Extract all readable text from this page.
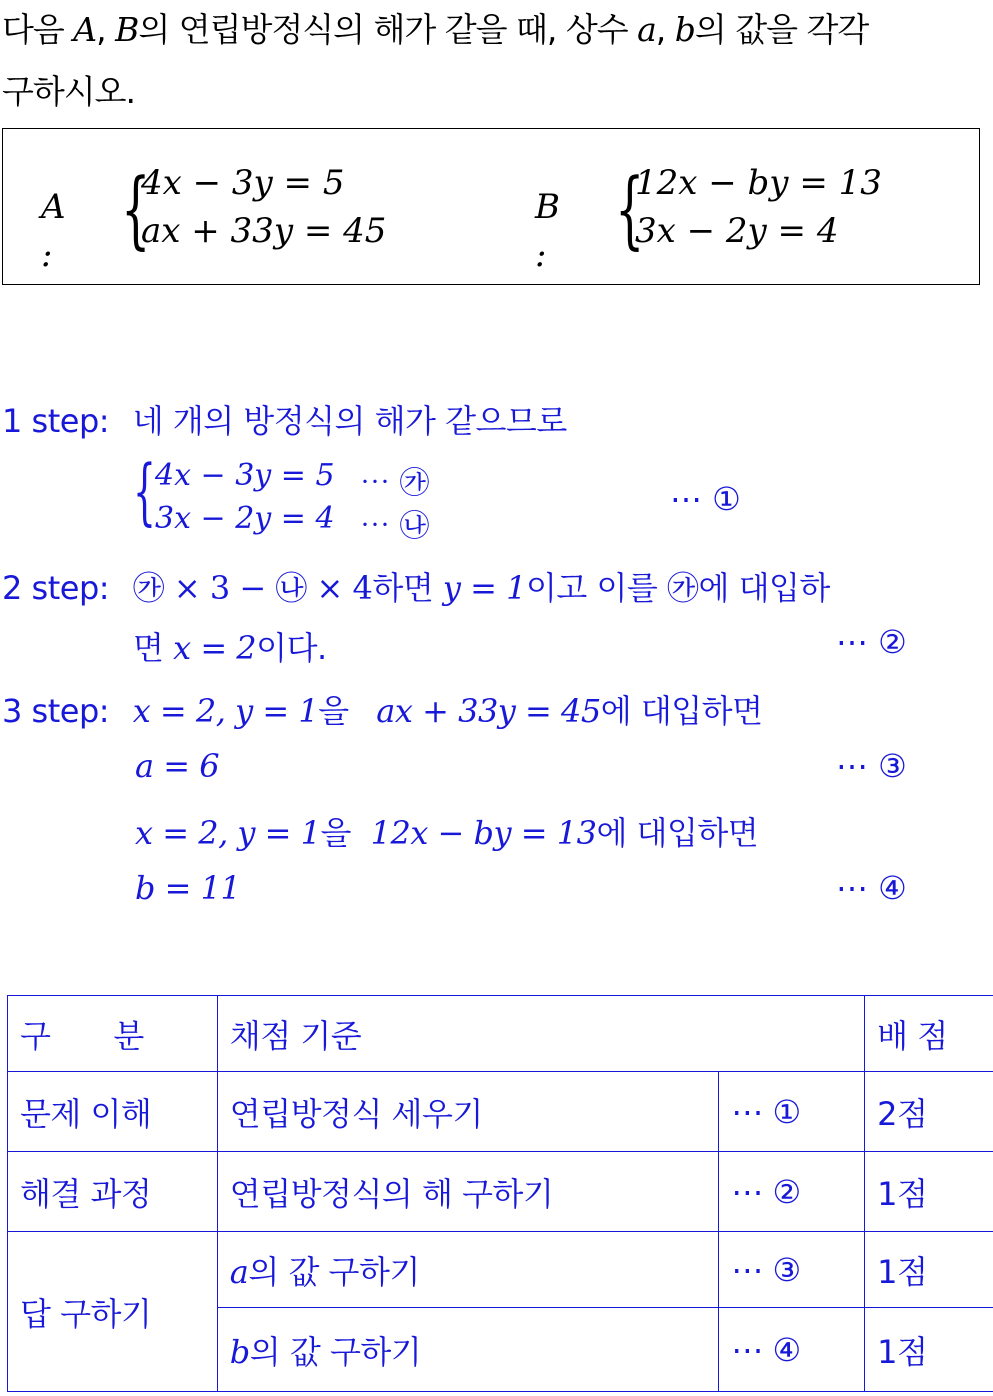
다음 A, B의 연립방정식의 해가 같을 때, 상수 a, b의 값을 각각
구하시오.
A : {
4x − 3y = 5
ax + 33y = 45
B : {
12x − by = 13
3x − 2y = 4
1 step: 네 개의 방정식의 해가 같으므로
{ 4x − 3y = 5 ⋯ ㉮
3x − 2y = 4 ⋯ ㉯
⋯ ①
2 step: ㉮ × 3 − ㉯ × 4하면 y = 1이고 이를 ㉮에 대입하
면 x = 2이다.	⋯ ②
3 step: x = 2, y = 1을 ax + 33y = 45에 대입하면
a = 6	⋯ ③
x = 2, y = 1을 12x − by = 13에 대입하면
b = 11	⋯ ④
구　　분	채점 기준		배 점
문제 이해	연립방정식 세우기	⋯ ①	2점
해결 과정	연립방정식의 해 구하기	⋯ ②	1점
답 구하기	a의 값 구하기	⋯ ③	1점
	b의 값 구하기	⋯ ④	1점
